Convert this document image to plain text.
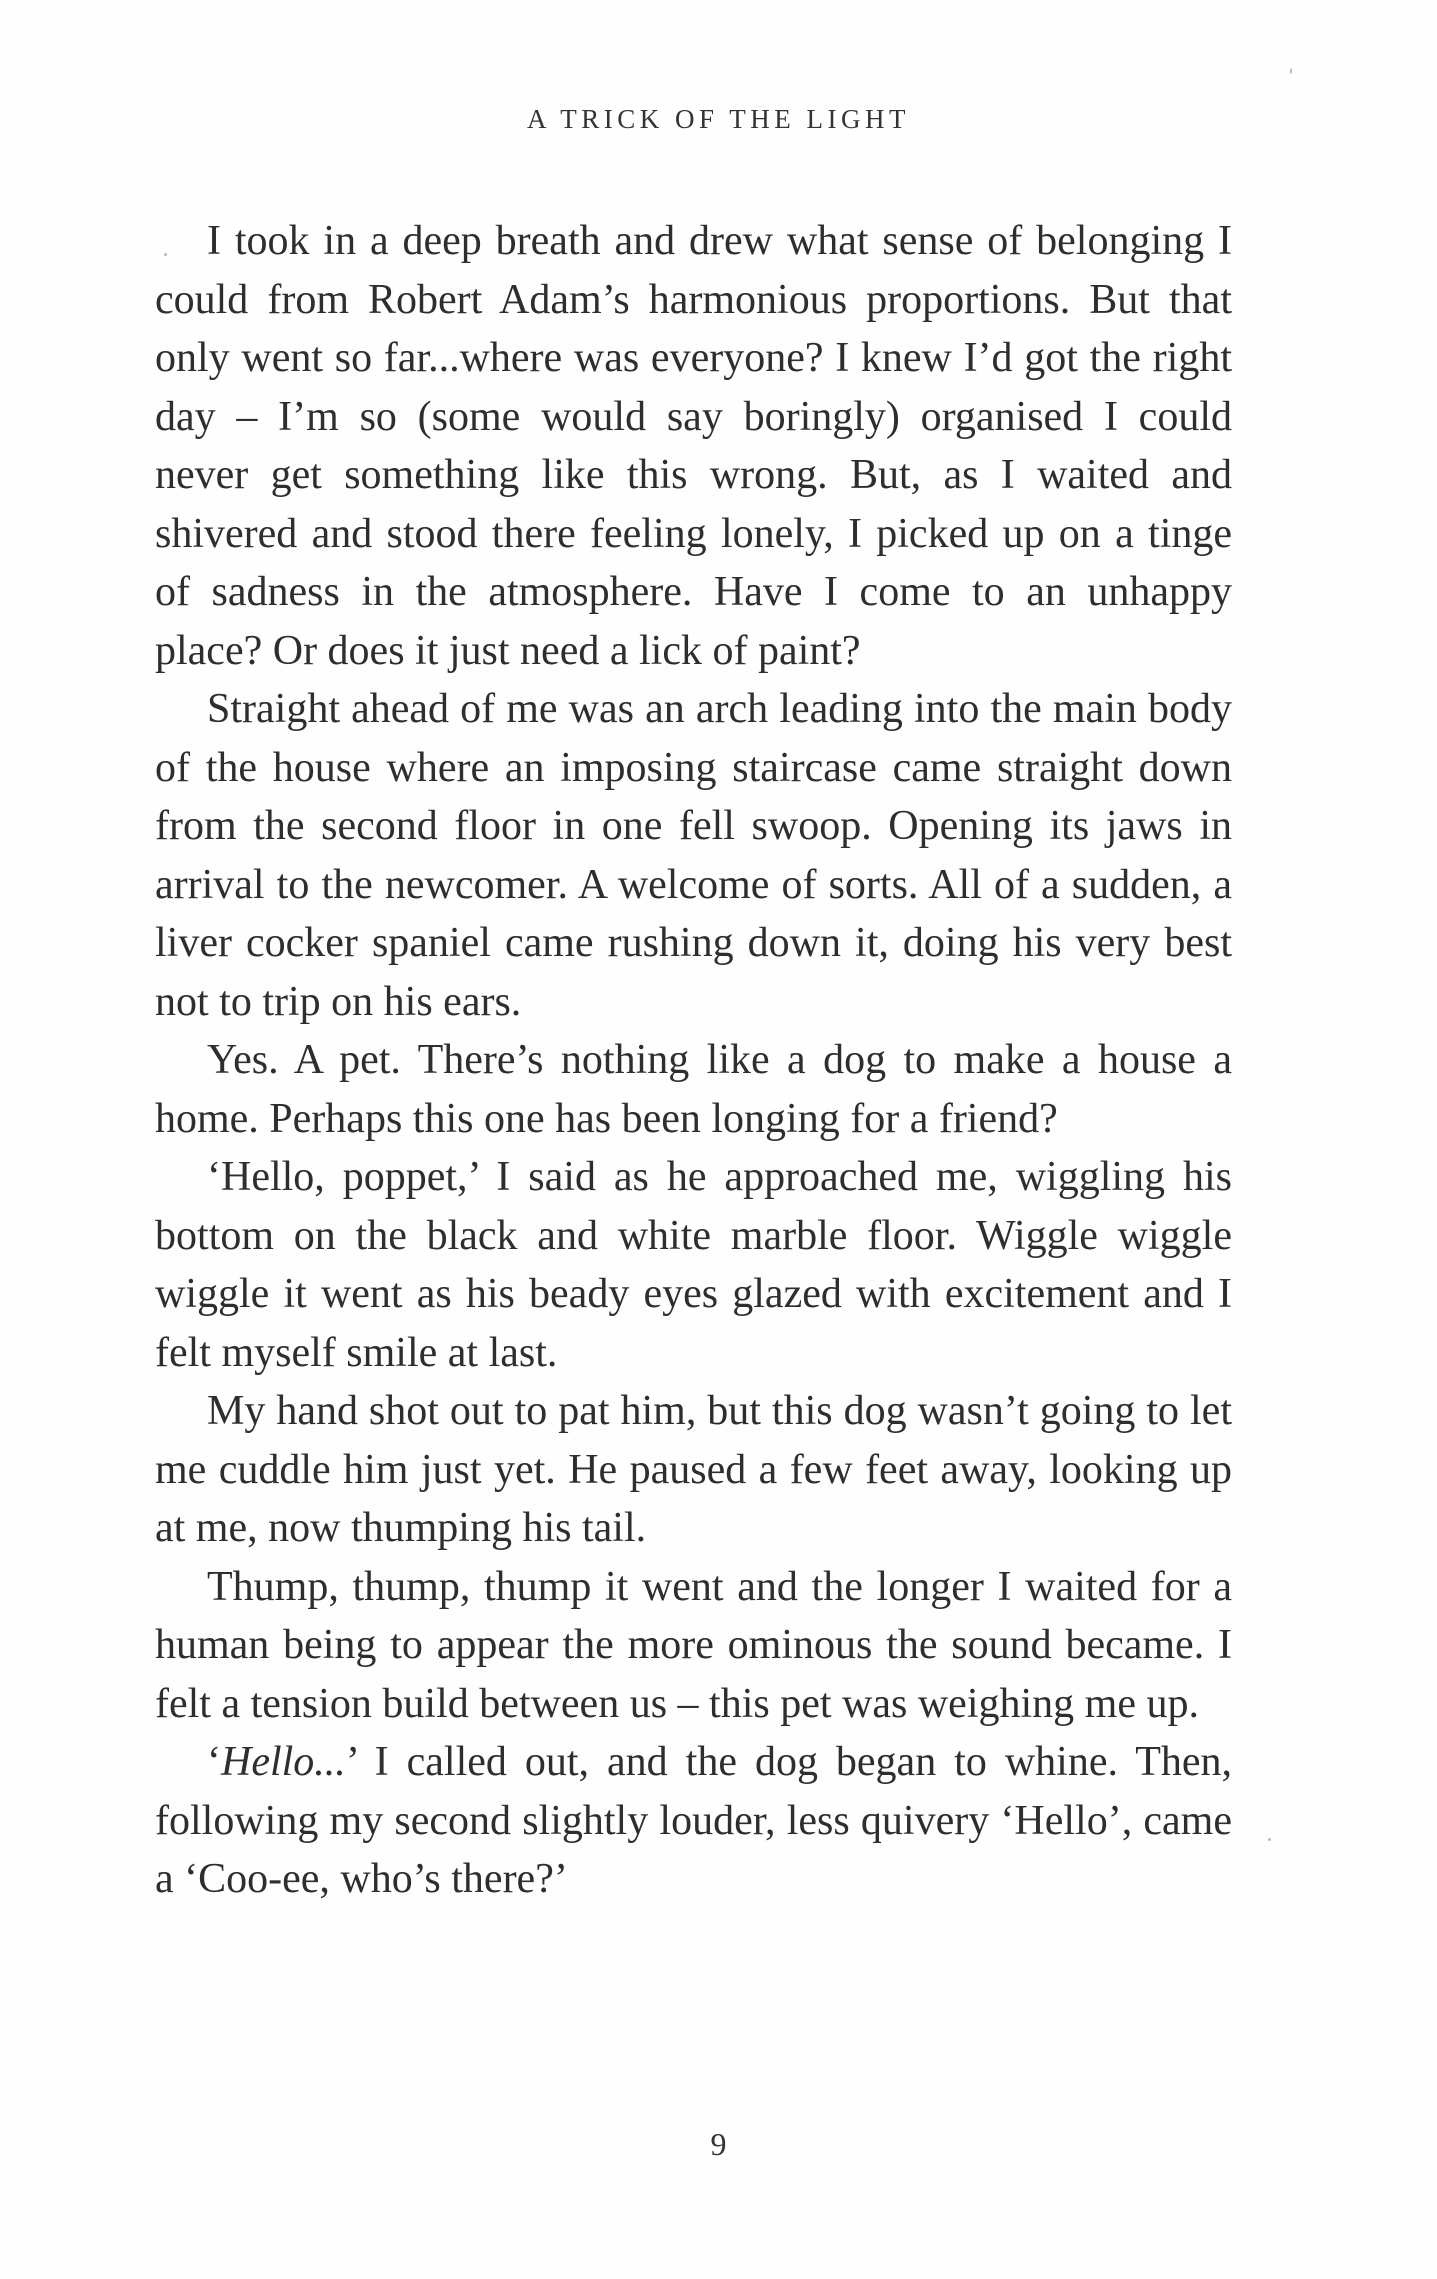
A TRICK OF THE LIGHT

I took in a deep breath and drew what sense of belonging I could from Robert Adam’s harmonious proportions. But that only went so far...where was everyone? I knew I’d got the right day – I’m so (some would say boringly) organised I could never get something like this wrong. But, as I waited and shivered and stood there feeling lonely, I picked up on a tinge of sadness in the atmosphere. Have I come to an unhappy place? Or does it just need a lick of paint?

Straight ahead of me was an arch leading into the main body of the house where an imposing staircase came straight down from the second floor in one fell swoop. Opening its jaws in arrival to the newcomer. A welcome of sorts. All of a sudden, a liver cocker spaniel came rushing down it, doing his very best not to trip on his ears.

Yes. A pet. There’s nothing like a dog to make a house a home. Perhaps this one has been longing for a friend?

‘Hello, poppet,’ I said as he approached me, wiggling his bottom on the black and white marble floor. Wiggle wiggle wiggle it went as his beady eyes glazed with excitement and I felt myself smile at last.

My hand shot out to pat him, but this dog wasn’t going to let me cuddle him just yet. He paused a few feet away, looking up at me, now thumping his tail.

Thump, thump, thump it went and the longer I waited for a human being to appear the more ominous the sound became. I felt a tension build between us – this pet was weighing me up.

‘Hello...’ I called out, and the dog began to whine. Then, following my second slightly louder, less quivery ‘Hello’, came a ‘Coo-ee, who’s there?’

9
